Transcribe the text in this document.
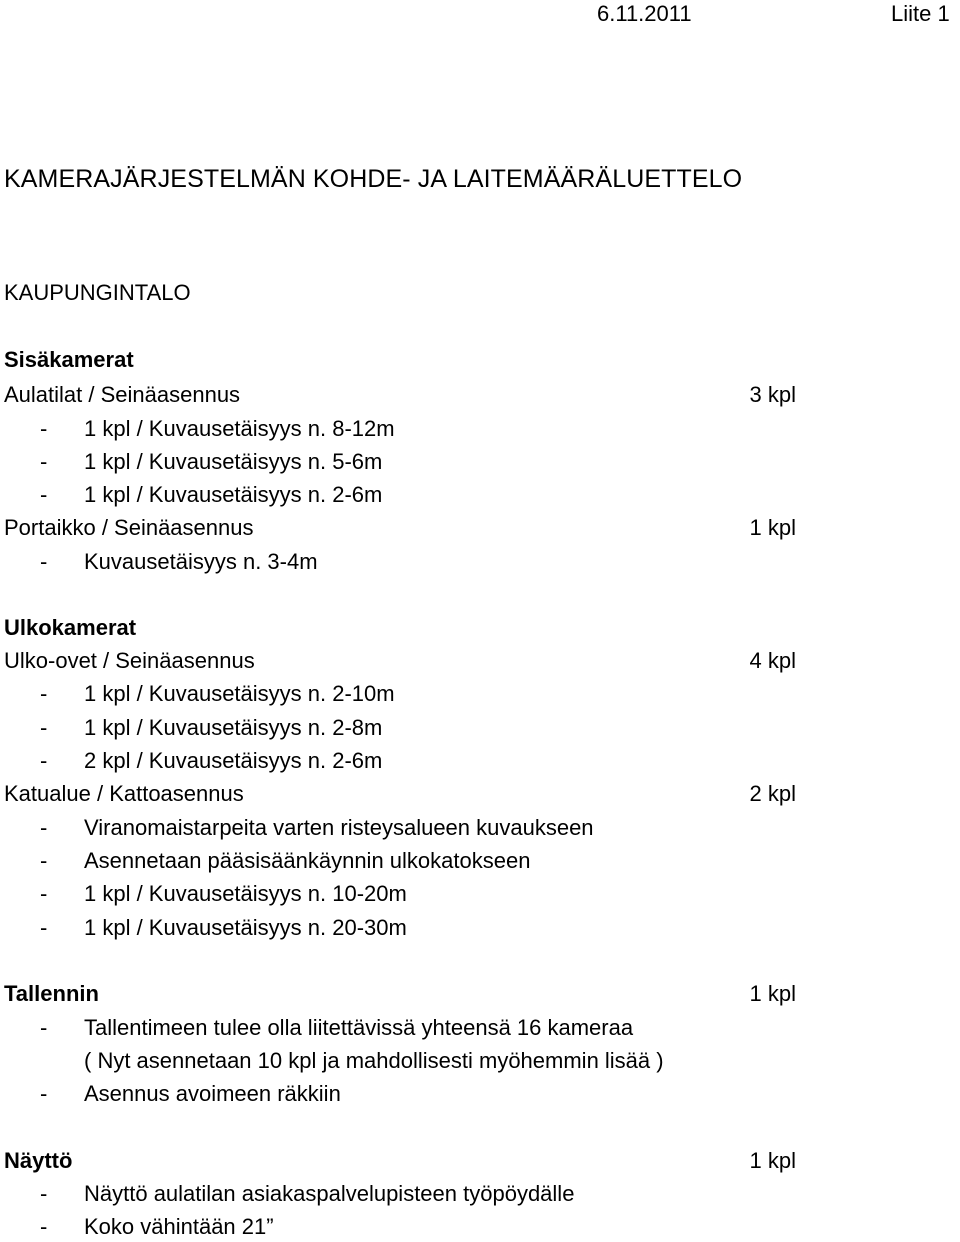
6.11.2011	Liite 1
KAMERAJÄRJESTELMÄN KOHDE- JA LAITEMÄÄRÄLUETTELO
KAUPUNGINTALO
Sisäkamerat
Aulatilat / Seinäasennus	3 kpl
- 1 kpl / Kuvausetäisyys n. 8-12m
- 1 kpl / Kuvausetäisyys n. 5-6m
- 1 kpl / Kuvausetäisyys n. 2-6m
Portaikko / Seinäasennus	1 kpl
- Kuvausetäisyys n. 3-4m
Ulkokamerat
Ulko-ovet / Seinäasennus	4 kpl
- 1 kpl / Kuvausetäisyys n. 2-10m
- 1 kpl / Kuvausetäisyys n. 2-8m
- 2 kpl / Kuvausetäisyys n. 2-6m
Katualue / Kattoasennus	2 kpl
- Viranomaistarpeita varten risteysalueen kuvaukseen
- Asennetaan pääsisäänkäynnin ulkokatokseen
- 1 kpl / Kuvausetäisyys n. 10-20m
- 1 kpl / Kuvausetäisyys n. 20-30m
Tallennin	1 kpl
- Tallentimeen tulee olla liitettävissä yhteensä 16 kameraa
( Nyt asennetaan 10 kpl ja mahdollisesti myöhemmin lisää )
- Asennus avoimeen räkkiin
Näyttö	1 kpl
- Näyttö aulatilan asiakaspalvelupisteen työpöydälle
- Koko vähintään 21”
